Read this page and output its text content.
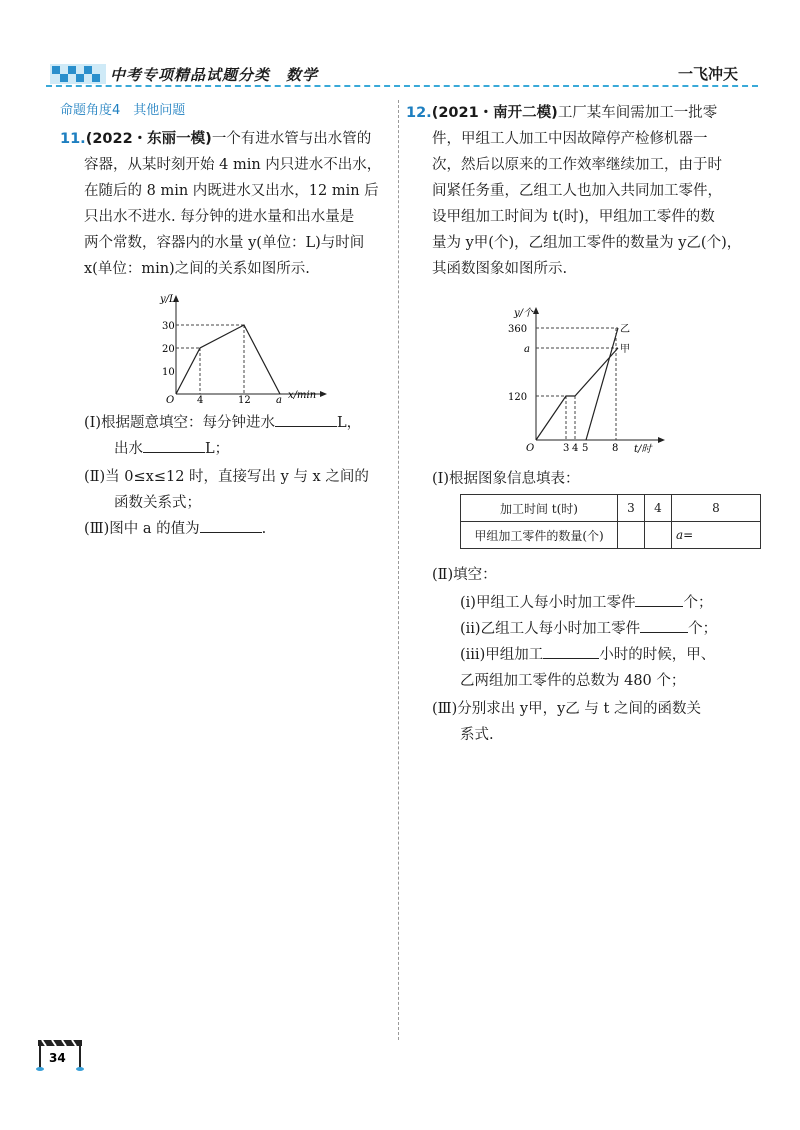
中考专项精品试题分类　数学	一飞冲天
命题角度4　其他问题
11.(2022・东丽一模)一个有进水管与出水管的
容器，从某时刻开始 4 min 内只进水不出水，
在随后的 8 min 内既进水又出水，12 min 后
只出水不进水. 每分钟的进水量和出水量是
两个常数，容器内的水量 y(单位：L)与时间
x(单位：min)之间的关系如图所示.
y/L
x/min
30
20
10
O 4	12	a
(Ⅰ)根据题意填空：每分钟进水	L，
出水	L；
(Ⅱ)当 0≤x≤12 时，直接写出 y 与 x 之间的
函数关系式；
(Ⅲ)图中 a 的值为	.
12.(2021・南开二模)工厂某车间需加工一批零
件，甲组工人加工中因故障停产检修机器一
次，然后以原来的工作效率继续加工，由于时
间紧任务重，乙组工人也加入共同加工零件，
设甲组加工时间为 t(时)，甲组加工零件的数
量为 y甲(个)，乙组加工零件的数量为 y乙(个)，
其函数图象如图所示.
y/个
t/时
360
a
120
乙
甲
O	3 4 5 8
(Ⅰ)根据图象信息填表：
加工时间 t(时)	3	4	8
甲组加工零件的数量(个)			a=
(Ⅱ)填空：
(ⅰ)甲组工人每小时加工零件	个；
(ⅱ)乙组工人每小时加工零件	个；
(ⅲ)甲组加工	小时的时候，甲、
乙两组加工零件的总数为 480 个；
(Ⅲ)分别求出 y甲，y乙 与 t 之间的函数关
系式.
34
